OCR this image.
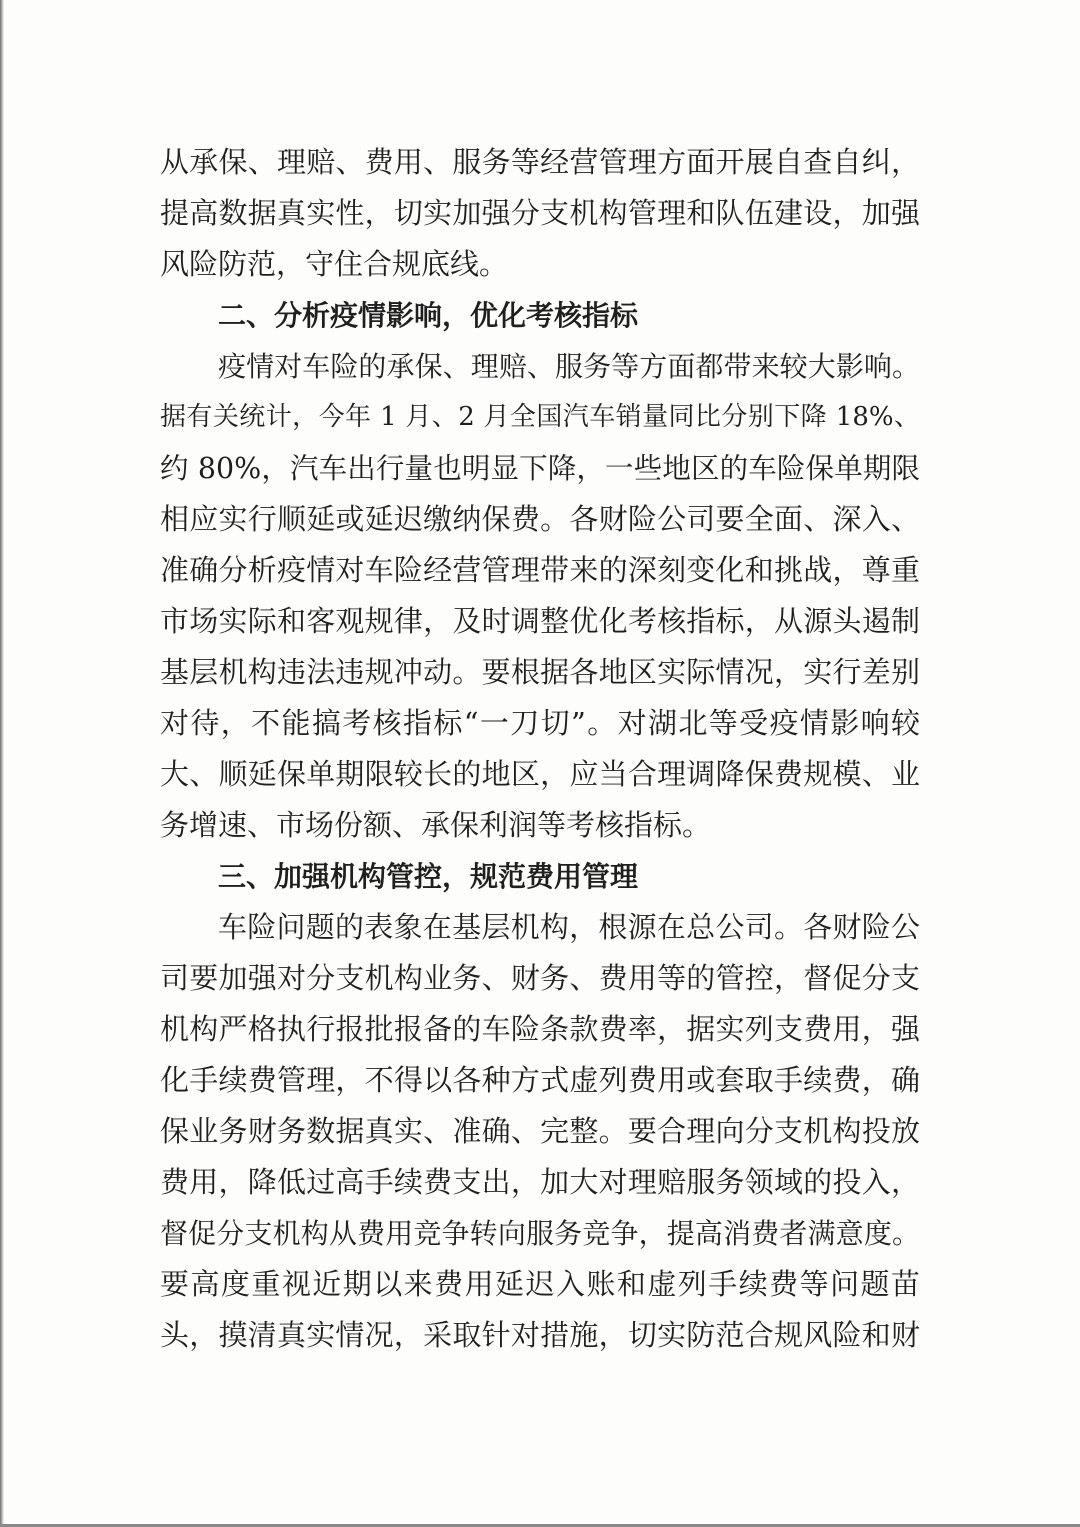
从承保、理赔、费用、服务等经营管理方面开展自查自纠，
提高数据真实性，切实加强分支机构管理和队伍建设，加强
风险防范，守住合规底线。
二、分析疫情影响，优化考核指标
疫情对车险的承保、理赔、服务等方面都带来较大影响。
据有关统计，今年 1 月、2 月全国汽车销量同比分别下降 18%、
约 80%，汽车出行量也明显下降，一些地区的车险保单期限
相应实行顺延或延迟缴纳保费。各财险公司要全面、深入、
准确分析疫情对车险经营管理带来的深刻变化和挑战，尊重
市场实际和客观规律，及时调整优化考核指标，从源头遏制
基层机构违法违规冲动。要根据各地区实际情况，实行差别
对待，不能搞考核指标“一刀切”。对湖北等受疫情影响较
大、顺延保单期限较长的地区，应当合理调降保费规模、业
务增速、市场份额、承保利润等考核指标。
三、加强机构管控，规范费用管理
车险问题的表象在基层机构，根源在总公司。各财险公
司要加强对分支机构业务、财务、费用等的管控，督促分支
机构严格执行报批报备的车险条款费率，据实列支费用，强
化手续费管理，不得以各种方式虚列费用或套取手续费，确
保业务财务数据真实、准确、完整。要合理向分支机构投放
费用，降低过高手续费支出，加大对理赔服务领域的投入，
督促分支机构从费用竞争转向服务竞争，提高消费者满意度。
要高度重视近期以来费用延迟入账和虚列手续费等问题苗
头，摸清真实情况，采取针对措施，切实防范合规风险和财
